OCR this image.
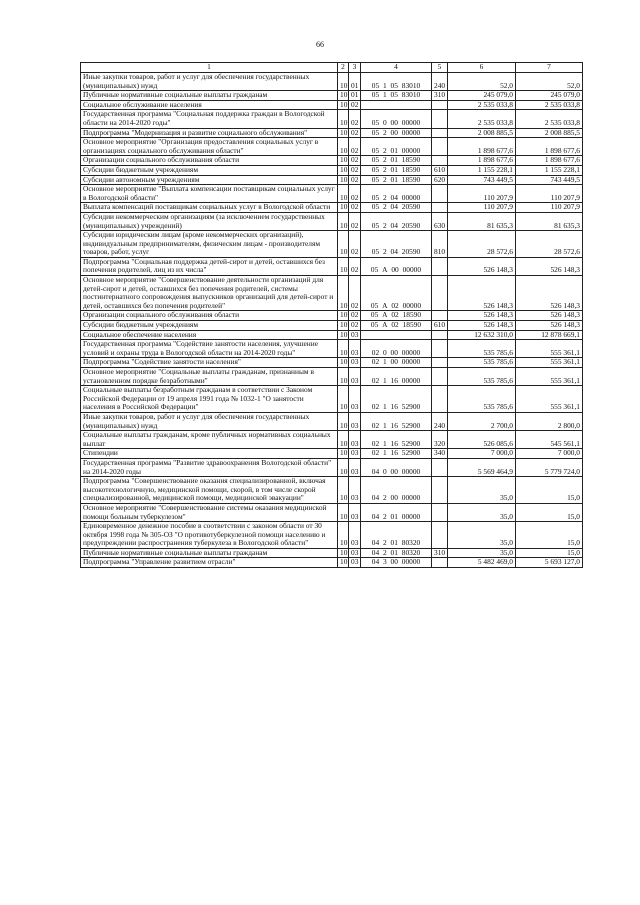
66
1	2	3	4	5	6	7
Иные закупки товаров, работ и услуг для обеспечения государственных (муниципальных) нужд	10	01	05 1 05 83010	240	52,0	52,0
Публичные нормативные социальные выплаты гражданам	10	01	05 1 05 83010	310	245 079,0	245 079,0
Социальное обслуживание населения	10	02			2 535 033,8	2 535 033,8
Государственная программа "Социальная поддержка граждан в Вологодской области на 2014-2020 годы"	10	02	05 0 00 00000		2 535 033,8	2 535 033,8
Подпрограмма "Модернизация и развитие социального обслуживания"	10	02	05 2 00 00000		2 008 885,5	2 008 885,5
Основное мероприятие "Организация предоставления социальных услуг в организациях социального обслуживания области"	10	02	05 2 01 00000		1 898 677,6	1 898 677,6
Организации социального обслуживания области	10	02	05 2 01 18590		1 898 677,6	1 898 677,6
Субсидии бюджетным учреждениям	10	02	05 2 01 18590	610	1 155 228,1	1 155 228,1
Субсидии автономным учреждениям	10	02	05 2 01 18590	620	743 449,5	743 449,5
Основное мероприятие "Выплата компенсации поставщикам социальных услуг в Вологодской области"	10	02	05 2 04 00000		110 207,9	110 207,9
Выплата компенсаций поставщикам социальных услуг в Вологодской области	10	02	05 2 04 20590		110 207,9	110 207,9
Субсидии некоммерческим организациям (за исключением государственных (муниципальных) учреждений)	10	02	05 2 04 20590	630	81 635,3	81 635,3
Субсидии юридическим лицам (кроме некоммерческих организаций), индивидуальным предпринимателям, физическим лицам - производителям товаров, работ, услуг	10	02	05 2 04 20590	810	28 572,6	28 572,6
Подпрограмма "Социальная поддержка детей-сирот и детей, оставшихся без попечения родителей, лиц из их числа"	10	02	05 А 00 00000		526 148,3	526 148,3
Основное мероприятие "Совершенствование деятельности организаций для детей-сирот и детей, оставшихся без попечения родителей, системы постинтернатного сопровождения выпускников организаций для детей-сирот и детей, оставшихся без попечения родителей"	10	02	05 А 02 00000		526 148,3	526 148,3
Организации социального обслуживания области	10	02	05 А 02 18590		526 148,3	526 148,3
Субсидии бюджетным учреждениям	10	02	05 А 02 18590	610	526 148,3	526 148,3
Социальное обеспечение населения	10	03			12 632 310,0	12 878 669,1
Государственная программа "Содействие занятости населения, улучшение условий и охраны труда в Вологодской области на 2014-2020 годы"	10	03	02 0 00 00000		535 785,6	555 361,1
Подпрограмма "Содействие занятости населения"	10	03	02 1 00 00000		535 785,6	555 361,1
Основное мероприятие "Социальные выплаты гражданам, признанным в установленном порядке безработными"	10	03	02 1 16 00000		535 785,6	555 361,1
Социальные выплаты безработным гражданам в соответствии с Законом Российской Федерации от 19 апреля 1991 года № 1032-1 "О занятости населения в Российской Федерации"	10	03	02 1 16 52900		535 785,6	555 361,1
Иные закупки товаров, работ и услуг для обеспечения государственных (муниципальных) нужд	10	03	02 1 16 52900	240	2 700,0	2 800,0
Социальные выплаты гражданам, кроме публичных нормативных социальных выплат	10	03	02 1 16 52900	320	526 085,6	545 561,1
Стипендии	10	03	02 1 16 52900	340	7 000,0	7 000,0
Государственная программа "Развитие здравоохранения Вологодской области" на 2014-2020 годы	10	03	04 0 00 00000		5 569 464,9	5 779 724,0
Подпрограмма "Совершенствование оказания специализированной, включая высокотехнологичную, медицинской помощи, скорой, в том числе скорой специализированной, медицинской помощи, медицинской эвакуации"	10	03	04 2 00 00000		35,0	15,0
Основное мероприятие "Совершенствование системы оказания медицинской помощи больным туберкулезом"	10	03	04 2 01 00000		35,0	15,0
Единовременное денежное пособие в соответствии с законом области от 30 октября 1998 года № 305-ОЗ "О противотуберкулезной помощи населению и предупреждении распространения туберкулеза в Вологодской области"	10	03	04 2 01 80320		35,0	15,0
Публичные нормативные социальные выплаты гражданам	10	03	04 2 01 80320	310	35,0	15,0
Подпрограмма "Управление развитием отрасли"	10	03	04 3 00 00000		5 482 469,0	5 693 127,0
